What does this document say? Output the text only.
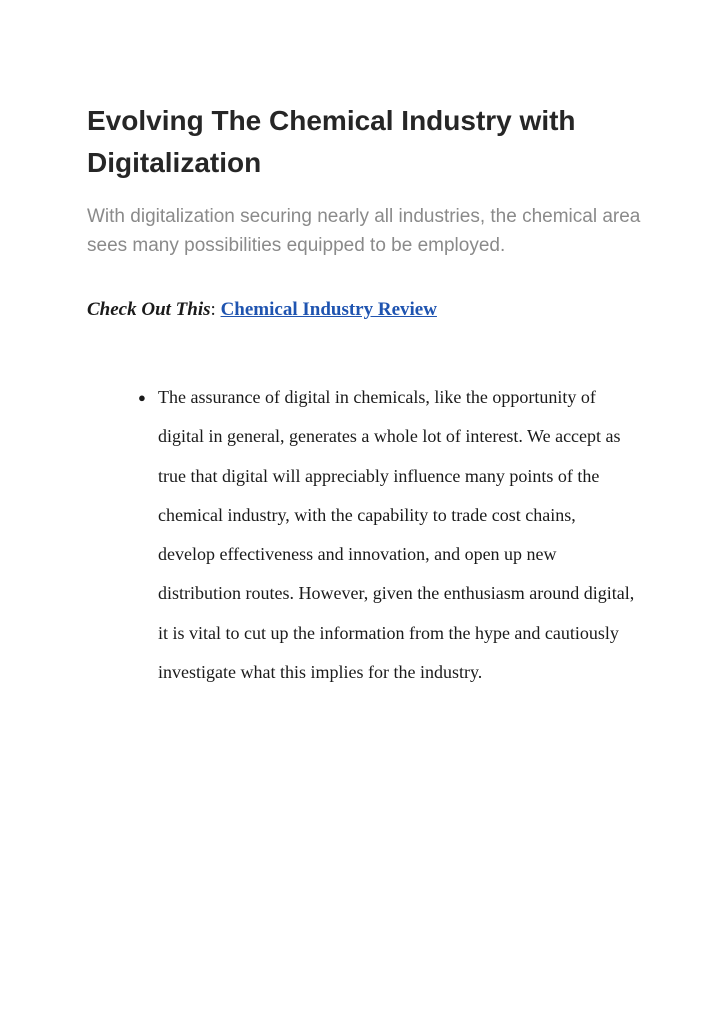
Evolving The Chemical Industry with Digitalization

With digitalization securing nearly all industries, the chemical area sees many possibilities equipped to be employed.

Check Out This: Chemical Industry Review

● The assurance of digital in chemicals, like the opportunity of digital in general, generates a whole lot of interest. We accept as true that digital will appreciably influence many points of the chemical industry, with the capability to trade cost chains, develop effectiveness and innovation, and open up new distribution routes. However, given the enthusiasm around digital, it is vital to cut up the information from the hype and cautiously investigate what this implies for the industry.
